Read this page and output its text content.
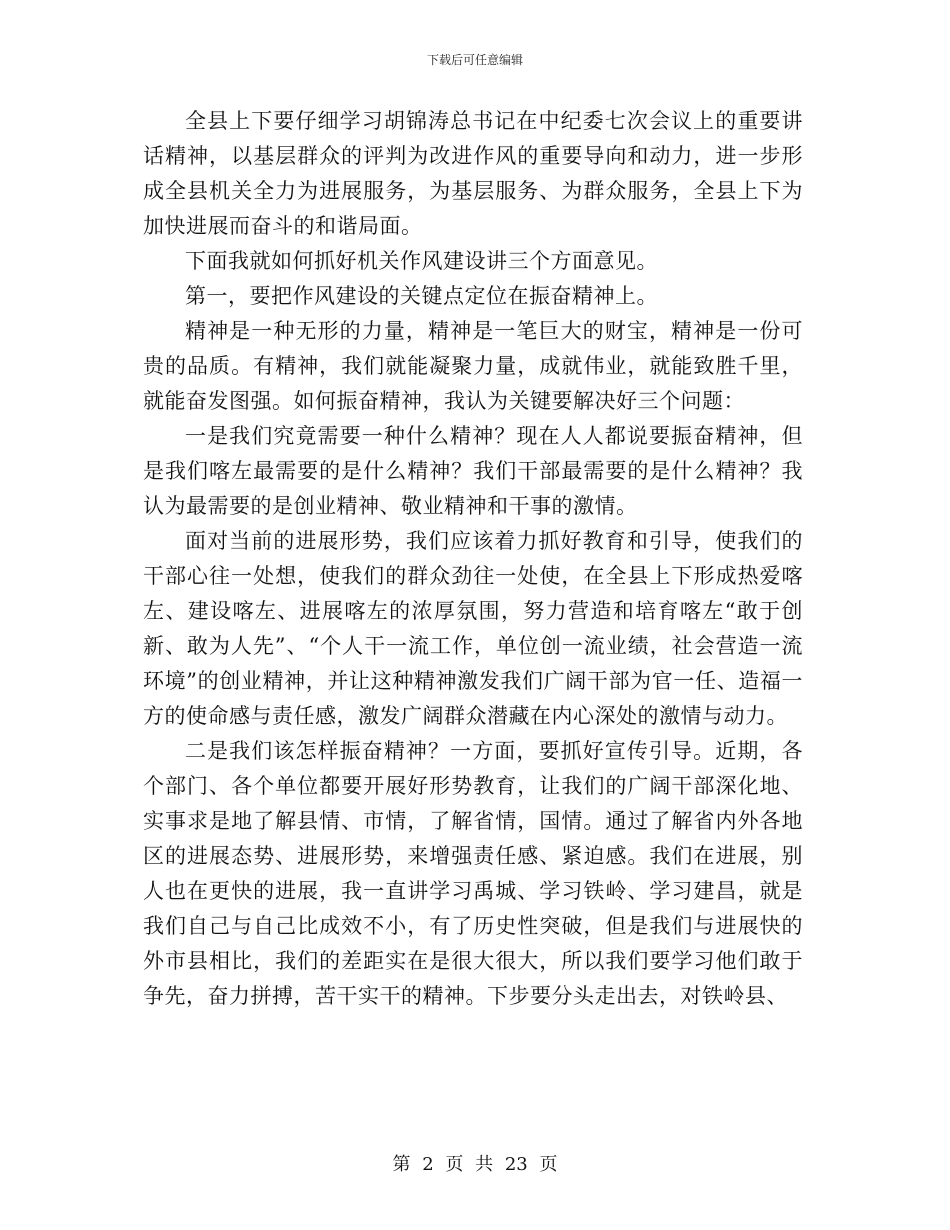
下载后可任意编辑

全县上下要仔细学习胡锦涛总书记在中纪委七次会议上的重要讲话精神，以基层群众的评判为改进作风的重要导向和动力，进一步形成全县机关全力为进展服务，为基层服务、为群众服务，全县上下为加快进展而奋斗的和谐局面。

下面我就如何抓好机关作风建设讲三个方面意见。

第一，要把作风建设的关键点定位在振奋精神上。

精神是一种无形的力量，精神是一笔巨大的财宝，精神是一份可贵的品质。有精神，我们就能凝聚力量，成就伟业，就能致胜千里，就能奋发图强。如何振奋精神，我认为关键要解决好三个问题：

一是我们究竟需要一种什么精神？现在人人都说要振奋精神，但是我们喀左最需要的是什么精神？我们干部最需要的是什么精神？我认为最需要的是创业精神、敬业精神和干事的激情。

面对当前的进展形势，我们应该着力抓好教育和引导，使我们的干部心往一处想，使我们的群众劲往一处使，在全县上下形成热爱喀左、建设喀左、进展喀左的浓厚氛围，努力营造和培育喀左“敢于创新、敢为人先”、“个人干一流工作，单位创一流业绩，社会营造一流环境”的创业精神，并让这种精神激发我们广阔干部为官一任、造福一方的使命感与责任感，激发广阔群众潜藏在内心深处的激情与动力。

二是我们该怎样振奋精神？一方面，要抓好宣传引导。近期，各个部门、各个单位都要开展好形势教育，让我们的广阔干部深化地、实事求是地了解县情、市情，了解省情，国情。通过了解省内外各地区的进展态势、进展形势，来增强责任感、紧迫感。我们在进展，别人也在更快的进展，我一直讲学习禹城、学习铁岭、学习建昌，就是我们自己与自己比成效不小，有了历史性突破，但是我们与进展快的外市县相比，我们的差距实在是很大很大，所以我们要学习他们敢于争先，奋力拼搏，苦干实干的精神。下步要分头走出去，对铁岭县、

第 2 页 共 23 页
